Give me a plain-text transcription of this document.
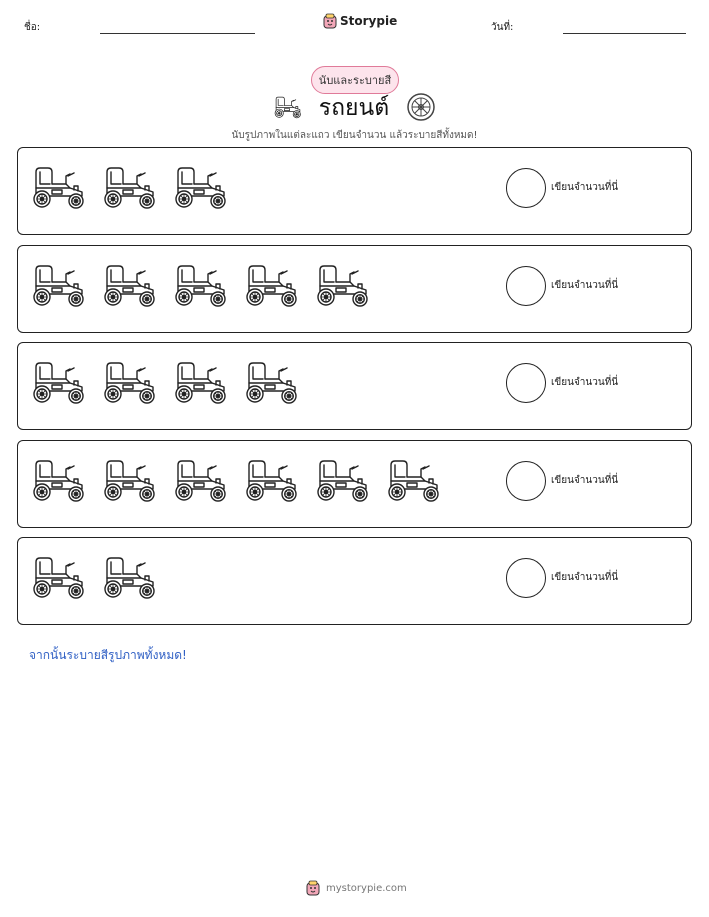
ชื่อ:	Storypie	วันที่:
นับและระบายสี
รถยนต์
นับรูปภาพในแต่ละแถว เขียนจำนวน แล้วระบายสีทั้งหมด!
เขียนจำนวนที่นี่
เขียนจำนวนที่นี่
เขียนจำนวนที่นี่
เขียนจำนวนที่นี่
เขียนจำนวนที่นี่
จากนั้นระบายสีรูปภาพทั้งหมด!
mystorypie.com
